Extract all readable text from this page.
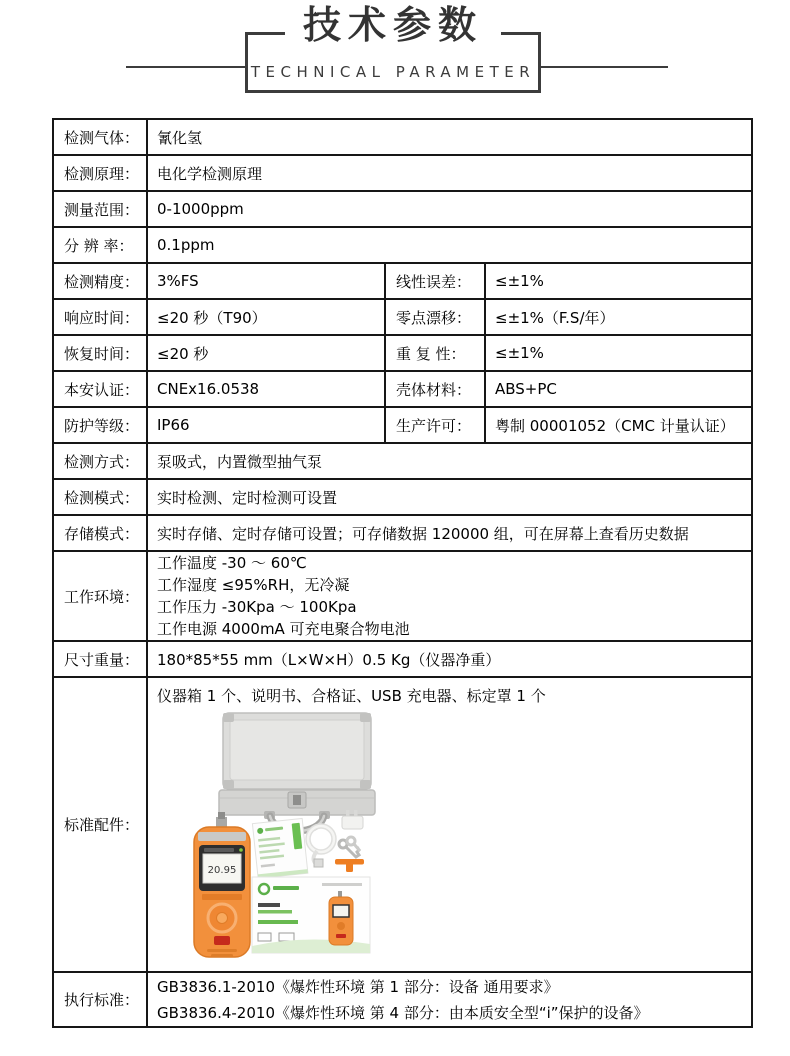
技术参数
TECHNICAL PARAMETER
检测气体：	氰化氢		
检测原理：	电化学检测原理		
测量范围：	0-1000ppm		
分 辨 率：	0.1ppm		
检测精度：	3%FS	线性误差：	≤±1%
响应时间：	≤20 秒（T90）	零点漂移：	≤±1%（F.S/年）
恢复时间：	≤20 秒	重 复 性：	≤±1%
本安认证：	CNEx16.0538	壳体材料：	ABS+PC
防护等级：	IP66	生产许可：	粤制 00001052（CMC 计量认证）
检测方式：	泵吸式，内置微型抽气泵		
检测模式：	实时检测、定时检测可设置		
存储模式：	实时存储、定时存储可设置；可存储数据 120000 组，可在屏幕上查看历史数据		
工作环境：	工作温度 -30 ～ 60℃
工作湿度 ≤95%RH，无冷凝
工作压力 -30Kpa ～ 100Kpa
工作电源 4000mA 可充电聚合物电池		

尺寸重量：	180*85*55 mm（L×W×H）0.5 Kg（仪器净重）		
标准配件：	仪器箱 1 个、说明书、合格证、USB 充电器、标定罩 1 个
20.95		

执行标准：	GB3836.1-2010《爆炸性环境 第 1 部分：设备 通用要求》
GB3836.4-2010《爆炸性环境 第 4 部分：由本质安全型“i”保护的设备》		
